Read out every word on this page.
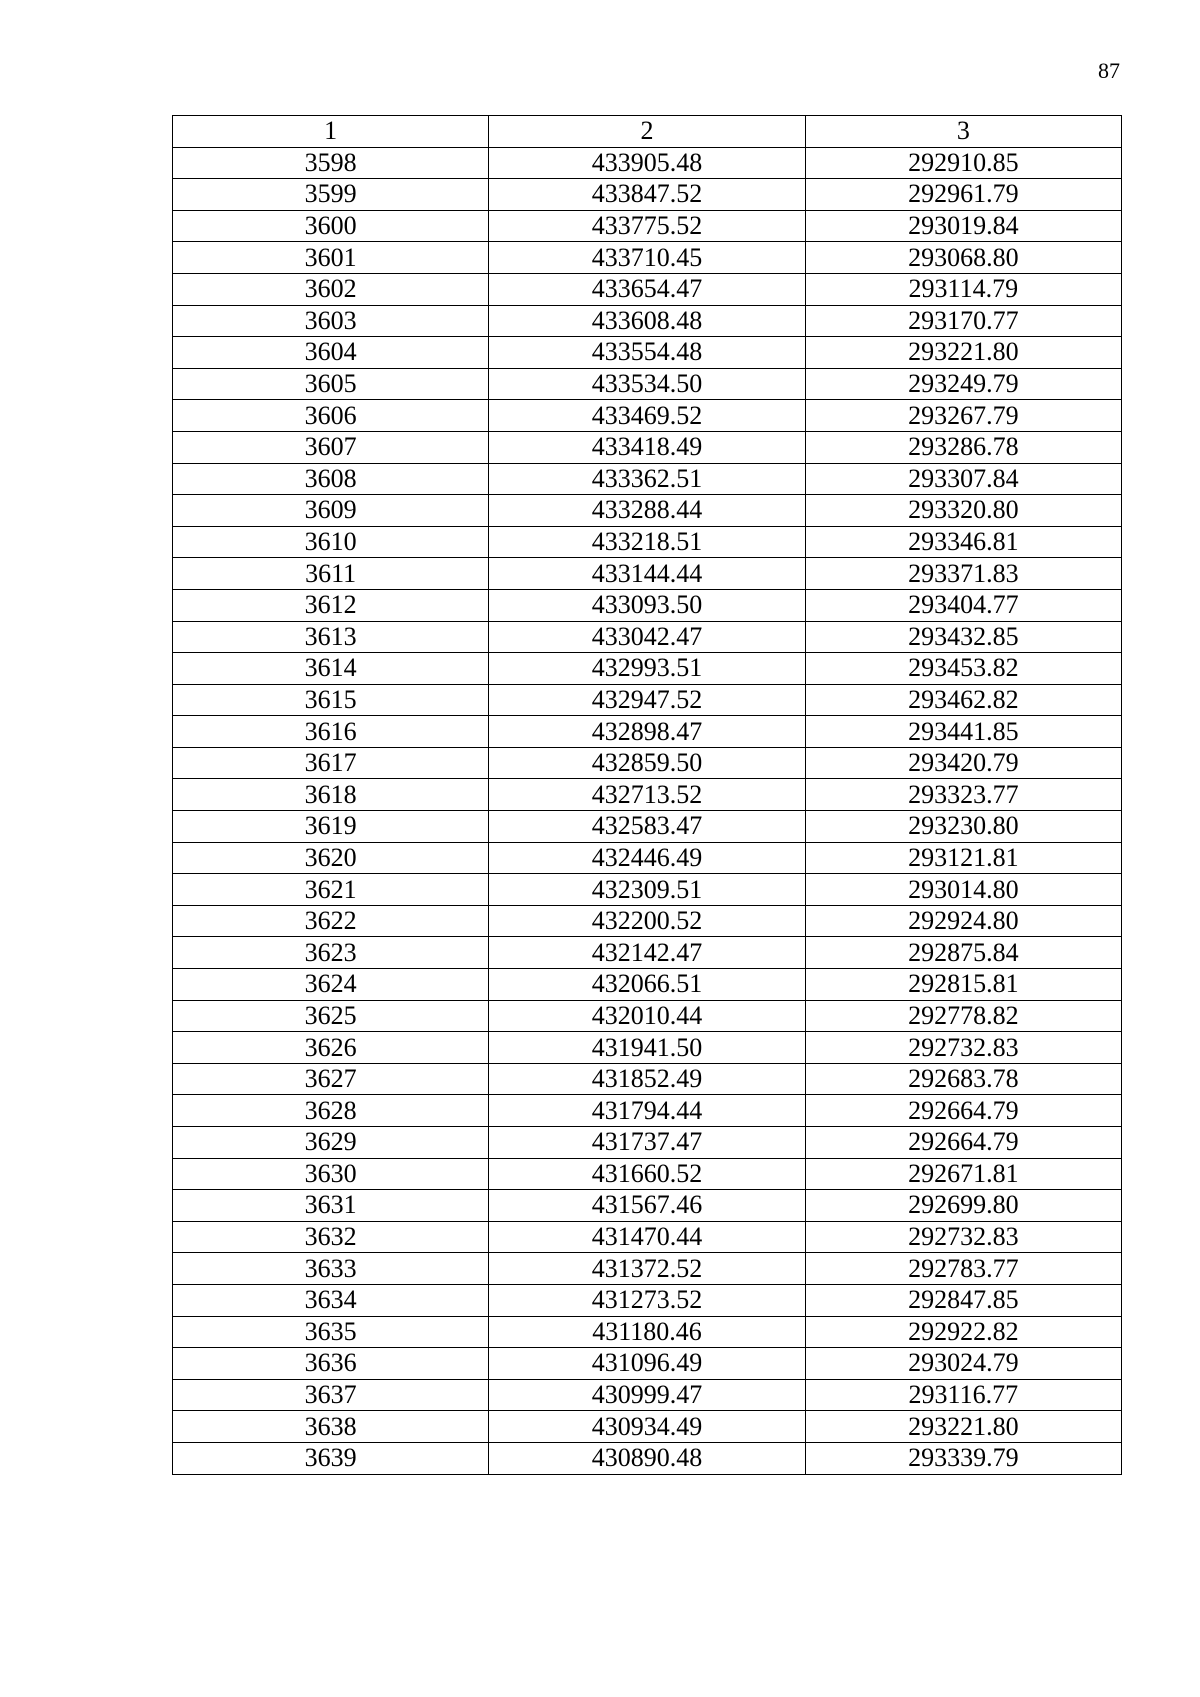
87
1	2	3
3598	433905.48	292910.85
3599	433847.52	292961.79
3600	433775.52	293019.84
3601	433710.45	293068.80
3602	433654.47	293114.79
3603	433608.48	293170.77
3604	433554.48	293221.80
3605	433534.50	293249.79
3606	433469.52	293267.79
3607	433418.49	293286.78
3608	433362.51	293307.84
3609	433288.44	293320.80
3610	433218.51	293346.81
3611	433144.44	293371.83
3612	433093.50	293404.77
3613	433042.47	293432.85
3614	432993.51	293453.82
3615	432947.52	293462.82
3616	432898.47	293441.85
3617	432859.50	293420.79
3618	432713.52	293323.77
3619	432583.47	293230.80
3620	432446.49	293121.81
3621	432309.51	293014.80
3622	432200.52	292924.80
3623	432142.47	292875.84
3624	432066.51	292815.81
3625	432010.44	292778.82
3626	431941.50	292732.83
3627	431852.49	292683.78
3628	431794.44	292664.79
3629	431737.47	292664.79
3630	431660.52	292671.81
3631	431567.46	292699.80
3632	431470.44	292732.83
3633	431372.52	292783.77
3634	431273.52	292847.85
3635	431180.46	292922.82
3636	431096.49	293024.79
3637	430999.47	293116.77
3638	430934.49	293221.80
3639	430890.48	293339.79
